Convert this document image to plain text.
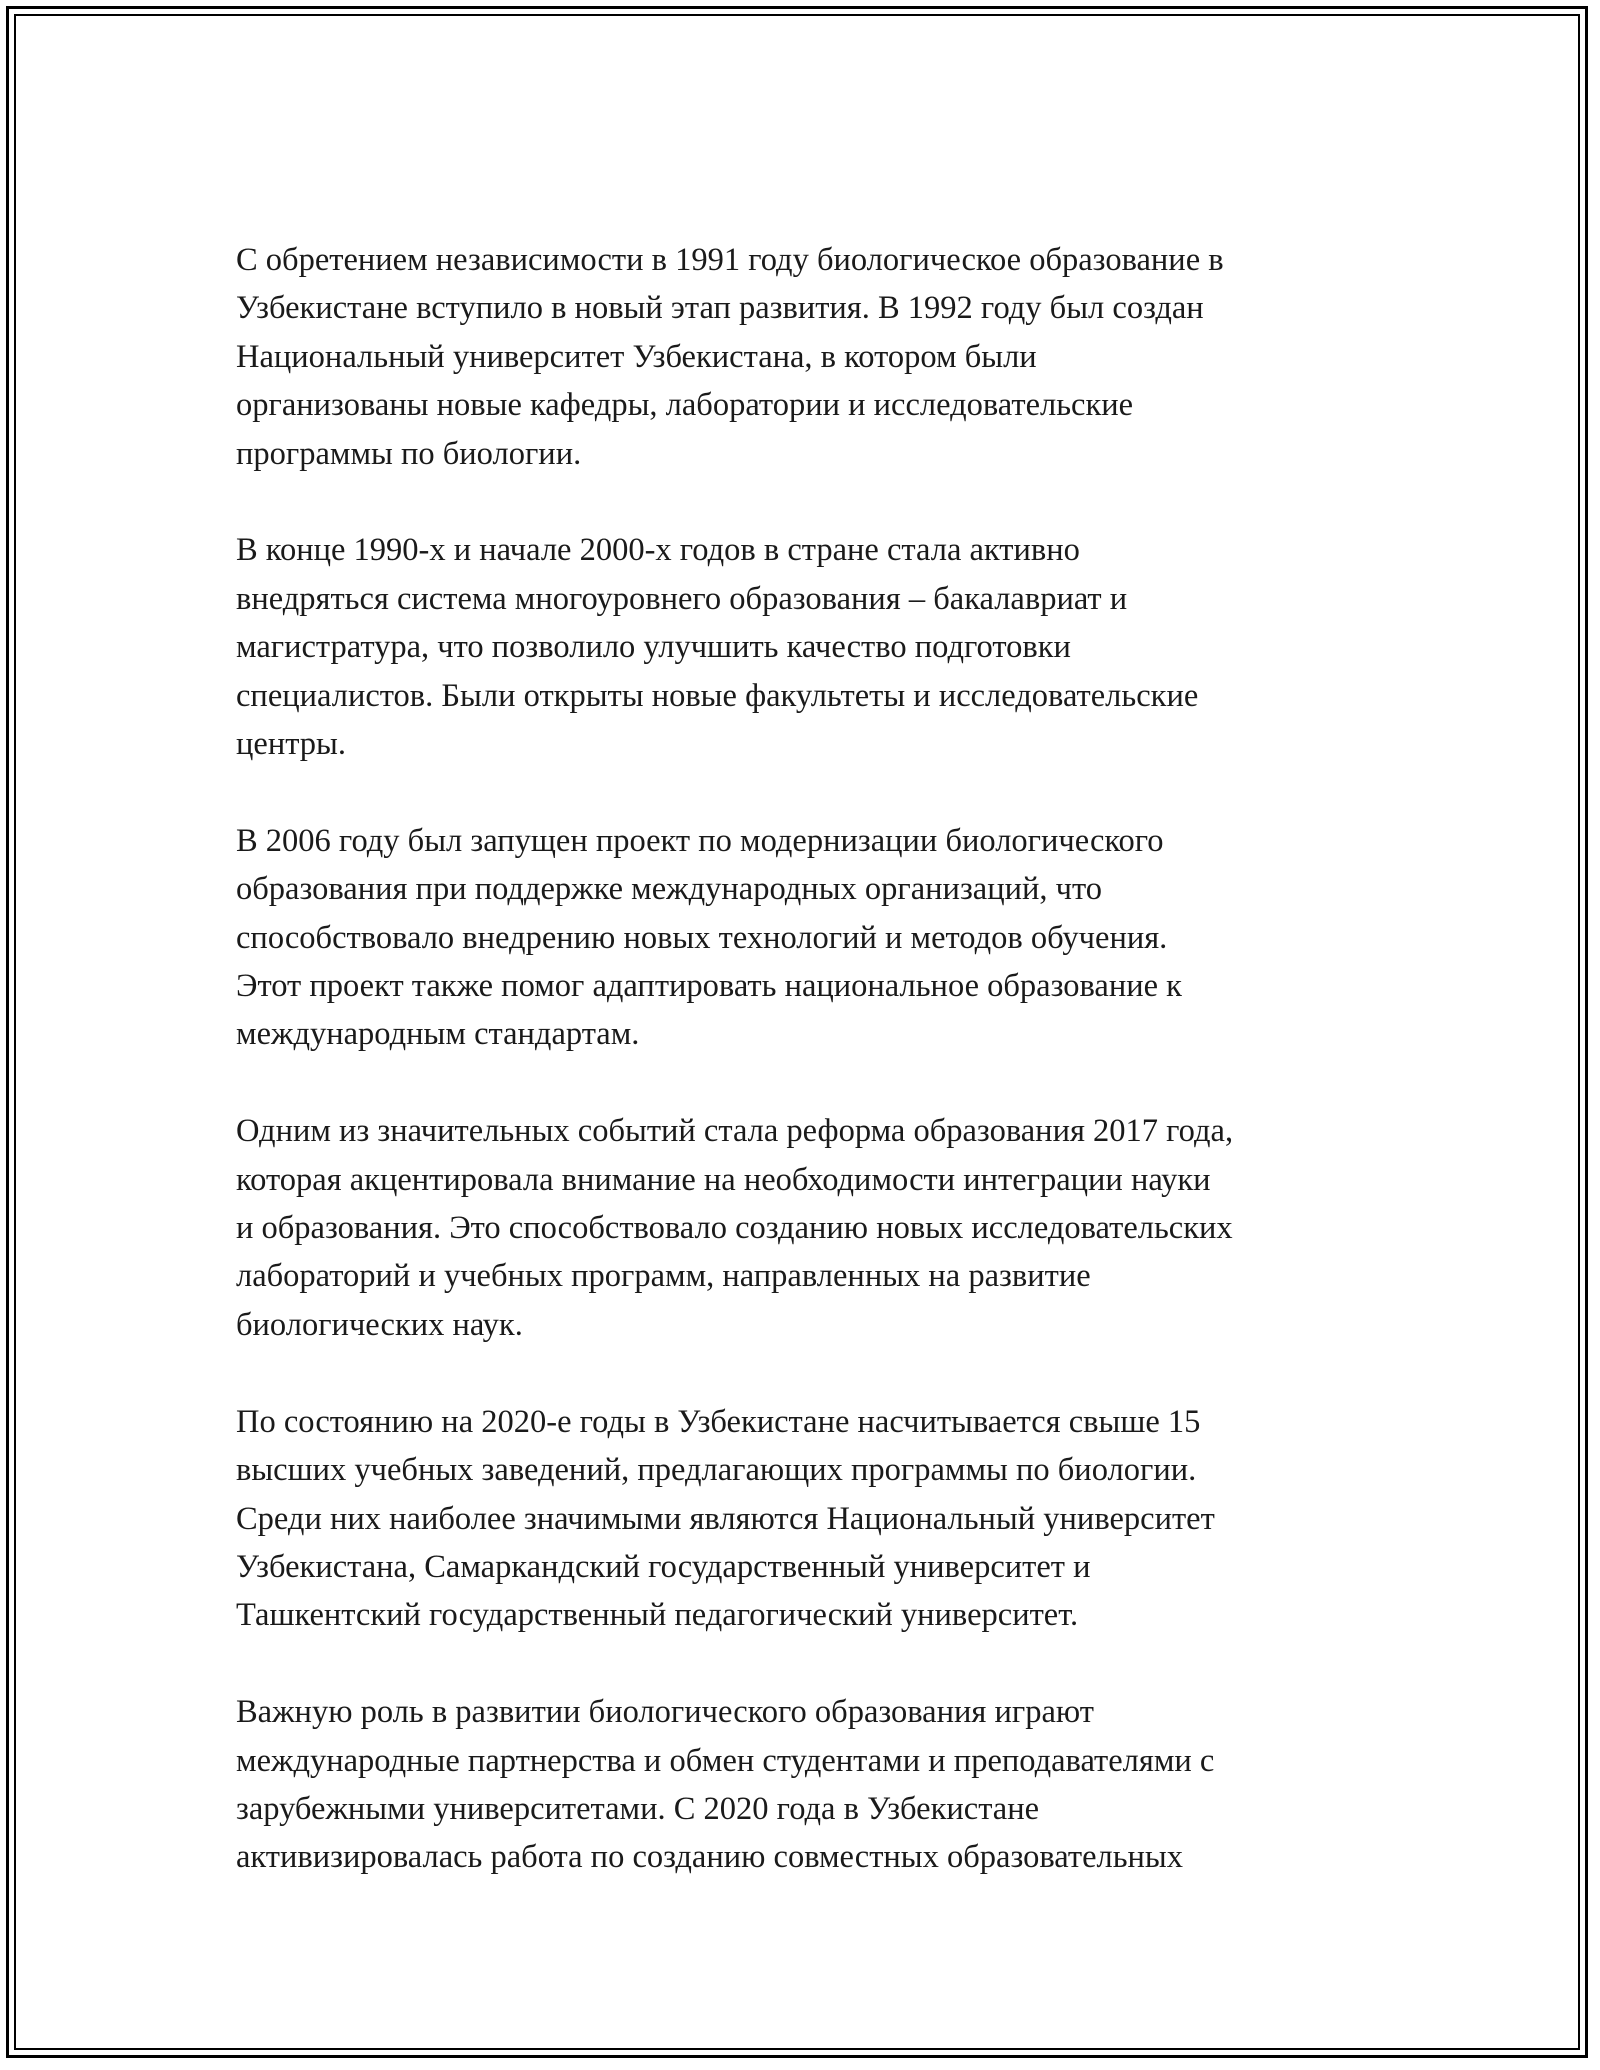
С обретением независимости в 1991 году биологическое образование в
Узбекистане вступило в новый этап развития. В 1992 году был создан
Национальный университет Узбекистана, в котором были
организованы новые кафедры, лаборатории и исследовательские
программы по биологии.

В конце 1990-х и начале 2000-х годов в стране стала активно
внедряться система многоуровнего образования – бакалавриат и
магистратура, что позволило улучшить качество подготовки
специалистов. Были открыты новые факультеты и исследовательские
центры.

В 2006 году был запущен проект по модернизации биологического
образования при поддержке международных организаций, что
способствовало внедрению новых технологий и методов обучения.
Этот проект также помог адаптировать национальное образование к
международным стандартам.

Одним из значительных событий стала реформа образования 2017 года,
которая акцентировала внимание на необходимости интеграции науки
и образования. Это способствовало созданию новых исследовательских
лабораторий и учебных программ, направленных на развитие
биологических наук.

По состоянию на 2020-е годы в Узбекистане насчитывается свыше 15
высших учебных заведений, предлагающих программы по биологии.
Среди них наиболее значимыми являются Национальный университет
Узбекистана, Самаркандский государственный университет и
Ташкентский государственный педагогический университет.

Важную роль в развитии биологического образования играют
международные партнерства и обмен студентами и преподавателями с
зарубежными университетами. С 2020 года в Узбекистане
активизировалась работа по созданию совместных образовательных
